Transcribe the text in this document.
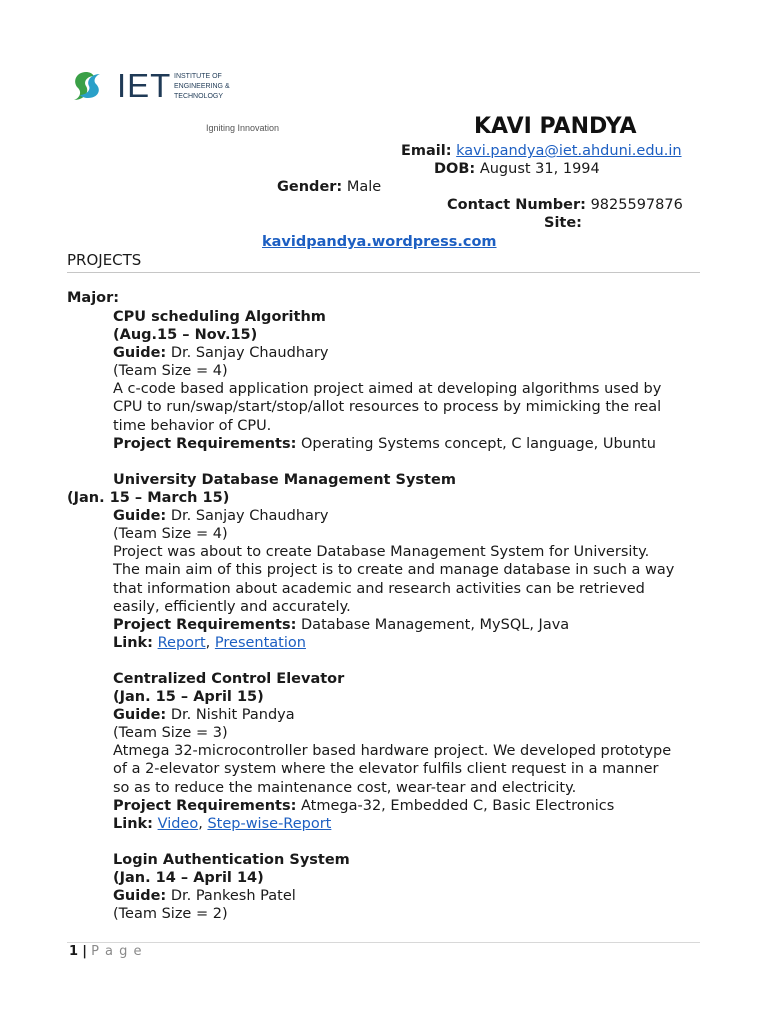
IET INSTITUTE OF
ENGINEERING &
TECHNOLOGY
Igniting Innovation	KAVI PANDYA
Email: kavi.pandya@iet.ahduni.edu.in
DOB: August 31, 1994
Gender: Male
Contact Number: 9825597876
Site:
kavidpandya.wordpress.com
PROJECTS
Major:
CPU scheduling Algorithm
(Aug.15 – Nov.15)
Guide: Dr. Sanjay Chaudhary
(Team Size = 4)
A c-code based application project aimed at developing algorithms used by
CPU to run/swap/start/stop/allot resources to process by mimicking the real
time behavior of CPU.
Project Requirements: Operating Systems concept, C language, Ubuntu
University Database Management System
(Jan. 15 – March 15)
Guide: Dr. Sanjay Chaudhary
(Team Size = 4)
Project was about to create Database Management System for University.
The main aim of this project is to create and manage database in such a way
that information about academic and research activities can be retrieved
easily, efficiently and accurately.
Project Requirements: Database Management, MySQL, Java
Link: Report, Presentation
Centralized Control Elevator
(Jan. 15 – April 15)
Guide: Dr. Nishit Pandya
(Team Size = 3)
Atmega 32-microcontroller based hardware project. We developed prototype
of a 2-elevator system where the elevator fulfils client request in a manner
so as to reduce the maintenance cost, wear-tear and electricity.
Project Requirements: Atmega-32, Embedded C, Basic Electronics
Link: Video, Step-wise-Report
Login Authentication System
(Jan. 14 – April 14)
Guide: Dr. Pankesh Patel
(Team Size = 2)
1 | P a g e
